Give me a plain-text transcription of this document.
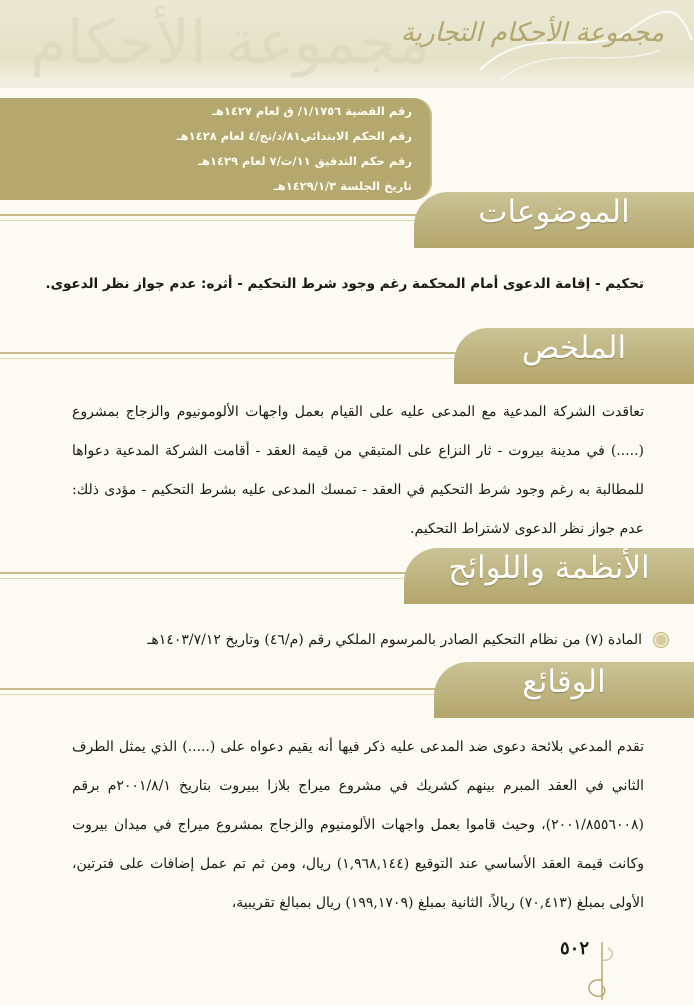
مجموعة الأحكام
مجموعة الأحكام التجارية
رقم القضية ١/١٧٥٦/ ق لعام ١٤٢٧هـ
رقم الحكم الابتدائي٨١/د/تج/٤ لعام ١٤٢٨هـ
رقم حكم التدقيق ١١/ت/٧ لعام ١٤٢٩هـ
تاريخ الجلسة ١٤٢٩/١/٣هـ
الموضوعات
تحكيم - إقامة الدعوى أمام المحكمة رغم وجود شرط التحكيم - أثره: عدم جواز نظر الدعوى.
الملخص
تعاقدت الشركة المدعية مع المدعى عليه على القيام بعمل واجهات الألومونيوم والزجاج بمشروع (.....) في مدينة بيروت - ثار النزاع على المتبقي من قيمة العقد - أقامت الشركة المدعية دعواها للمطالبة به رغم وجود شرط التحكيم في العقد - تمسك المدعى عليه بشرط التحكيم - مؤدى ذلك: عدم جواز نظر الدعوى لاشتراط التحكيم.
الأنظمة واللوائح
المادة (٧) من نظام التحكيم الصادر بالمرسوم الملكي رقم (م/٤٦) وتاريخ ١٤٠٣/٧/١٢هـ
الوقائع
تقدم المدعي بلائحة دعوى ضد المدعى عليه ذكر فيها أنه يقيم دعواه على (.....) الذي يمثل الطرف الثاني في العقد المبرم بينهم كشريك في مشروع ميراج بلازا ببيروت بتاريخ ٢٠٠١/٨/١م برقم (٢٠٠١/٨٥٥٦٠٠٨)، وحيث قاموا بعمل واجهات الألومنيوم والزجاج بمشروع ميراج في ميدان بيروت وكانت قيمة العقد الأساسي عند التوقيع (١,٩٦٨,١٤٤) ريال، ومن ثم تم عمل إضافات على فترتين، الأولى بمبلغ (٧٠,٤١٣) ريالاً، الثانية بمبلغ (١٩٩,١٧٠٩) ريال بمبالغ تقريبية،
٥٠٢
